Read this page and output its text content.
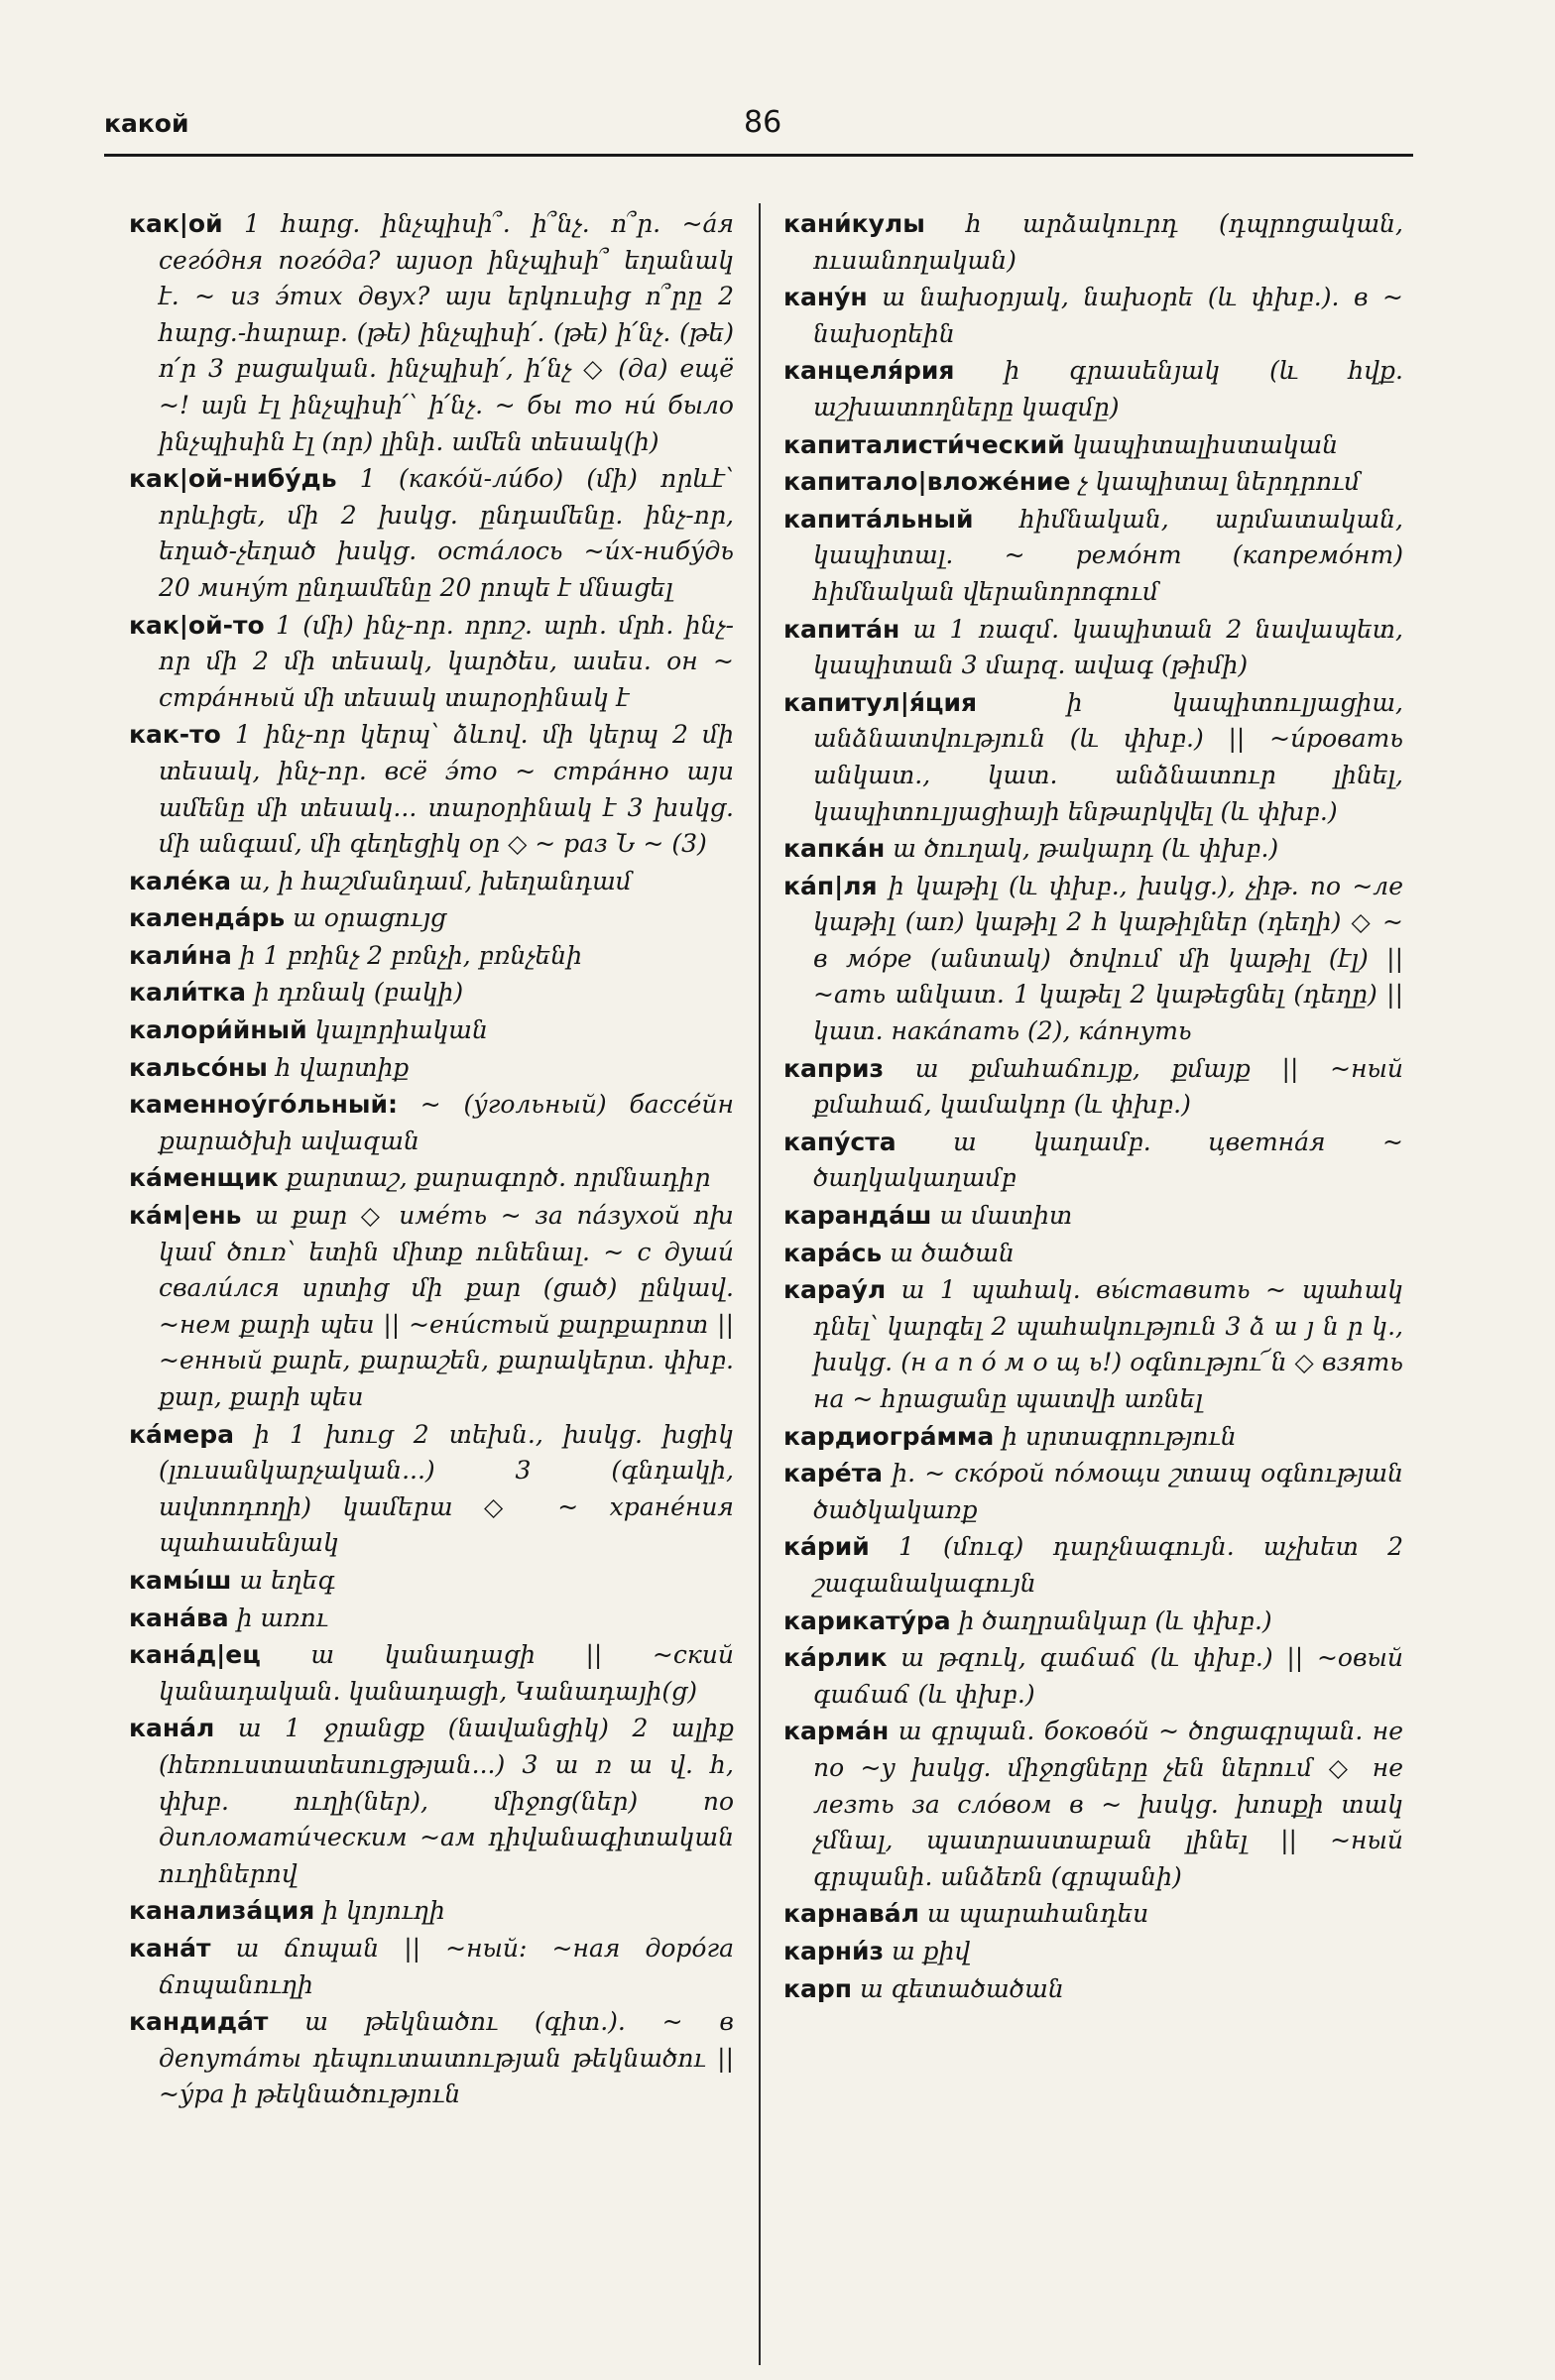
какой	86

как|ой 1 հարց. ինչպիսի՞. ի՞նչ. ո՞ր. ~а́я сего́дня пого́да? այսօր ինչպիսի՞ եղանակ է. ~ из э́тих двух? այս երկուսից ո՞րը 2 հարց.-հարաբ. (թե) ինչպիսի՛. (թե) ի՛նչ. (թե) ո՛ր 3 բացական. ինչպիսի՛, ի՛նչ ◇ (да) ещё ~! այն էլ ինչպիսի՛՝ ի՛նչ. ~ бы то ни́ было ինչպիսին էլ (որ) լինի. ամեն տեսակ(ի)

как|ой-нибу́дь 1 (како́й-ли́бо) (մի) որևէ՝ որևիցե, մի 2 խսկց. ընդամենը. ինչ-որ, եղած-չեղած խսկց. оста́лось ~и́х-нибу́дь 20 мину́т ընդամենը 20 րոպե է մնացել

как|ой-то 1 (մի) ինչ-որ. որոշ. արհ. մրհ. ինչ-որ մի 2 մի տեսակ, կարծես, ասես. он ~ стра́нный մի տեսակ տարօրինակ է

как-то 1 ինչ-որ կերպ՝ ձևով. մի կերպ 2 մի տեսակ, ինչ-որ. всё э́то ~ стра́нно այս ամենը մի տեսակ... տարօրինակ է 3 խսկց. մի անգամ, մի գեղեցիկ օր ◇ ~ раз Ն ~ (3)

кале́ка ա, ի հաշմանդամ, խեղանդամ

календа́рь ա օրացույց

кали́на ի 1 բռինչ 2 բռնչի, բռնչենի

кали́тка ի դռնակ (բակի)

калори́йный կալորիական

кальсо́ны հ վարտիք

каменноу́го́льный: ~ (у́гольный) бассе́йн քարածխի ավազան

ка́менщик քարտաշ, քարագործ. որմնադիր

ка́м|ень ա քար ◇ име́ть ~ за па́зухой ոխ կամ ծուռ՝ ետին միտք ունենալ. ~ с души́ свали́лся սրտից մի քար (ցած) ընկավ. ~нем քարի պես || ~ени́стый քարքարոտ || ~енный քարե, քարաշեն, քարակերտ. փխբ. քար, քարի պես

ка́мера ի 1 խուց 2 տեխն., խսկց. խցիկ (լուսանկարչական...) 3 (գնդակի, ավտոդողի) կամերա ◇ ~ хране́ния պահասենյակ

камы́ш ա եղեգ

кана́ва ի առու

кана́д|ец ա կանադացի || ~ский կանադական. կանադացի, Կանադայի(ց)

кана́л ա 1 ջրանցք (նավանցիկ) 2 ալիք (հեռուստատեսուցթյան...) 3 ա ռ ա վ. հ, փխբ. ուղի(ներ), միջոց(ներ) по дипломати́ческим ~ам դիվանագիտական ուղիներով

канализа́ция ի կոյուղի

кана́т ա ճոպան || ~ный: ~ная доро́га ճոպանուղի

кандида́т ա թեկնածու (գիտ.). ~ в депута́ты դեպուտատության թեկնածու || ~у́ра ի թեկնածություն

кани́кулы հ արձակուրդ (դպրոցական, ուսանողական)

кану́н ա նախօրյակ, նախօրե (և փխբ.). в ~ նախօրեին

канцеля́рия ի գրասենյակ (և հվք. աշխատողները կազմը)

капиталисти́ческий կապիտալիստական

капитало|вложе́ние չ կապիտալ ներդրում

капита́льный հիմնական, արմատական, կապիտալ. ~ ремо́нт (капремо́нт) հիմնական վերանորոգում

капита́н ա 1 ռազմ. կապիտան 2 նավապետ, կապիտան 3 մարզ. ավագ (թիմի)

капитул|я́ция	ի կապիտուլյացիա, անձնատվություն (և փխբ.) || ~и́ровать անկատ., կատ. անձնատուր լինել, կապիտուլյացիայի ենթարկվել (և փխբ.)

капка́н ա ծուղակ, թակարդ (և փխբ.)

ка́п|ля ի կաթիլ (և փխբ., խսկց.), չիթ. по ~ле կաթիլ (առ) կաթիլ 2 հ կաթիլներ (դեղի) ◇ ~ в мо́ре (անտակ) ծովում մի կաթիլ (էլ) || ~ать անկատ. 1 կաթել 2 կաթեցնել (դեղը) || կատ. нака́пать (2), ка́пнуть

каприз ա քմահաճույք, քմայք || ~ный քմահաճ, կամակոր (և փխբ.)

капу́ста ա կաղամբ. цветна́я ~ ծաղկակաղամբ

каранда́ш ա մատիտ

кара́сь ա ծածան

карау́л ա 1 պահակ. вы́ставить ~ պահակ դնել՝ կարգել 2 պահակություն 3 ձ ա յ ն ր կ., խսկց. (н а п о́ м о щ ь!) օգնությու՜ն ◇ взять на ~ հրացանը պատվի առնել

кардиогра́мма ի սրտագրություն

каре́та ի. ~ ско́рой по́мощи շտապ օգնության ծածկակառք

ка́рий 1 (մուգ) դարչնագույն. աչխետ 2 շագանակագույն

карикату́ра ի ծաղրանկար (և փխբ.)

ка́рлик ա թզուկ, գաճաճ (և փխբ.) || ~овый գաճաճ (և փխբ.)

карма́н ա գրպան. боково́й ~ ծոցագրպան. не по ~у խսկց. միջոցները չեն ներում ◇ не лезть за сло́вом в ~ խսկց. խոսքի տակ չմնալ, պատրաստաբան լինել || ~ный գրպանի. անձեռն (գրպանի)

карнава́л ա պարահանդես

карни́з ա քիվ

карп ա գետածածան
